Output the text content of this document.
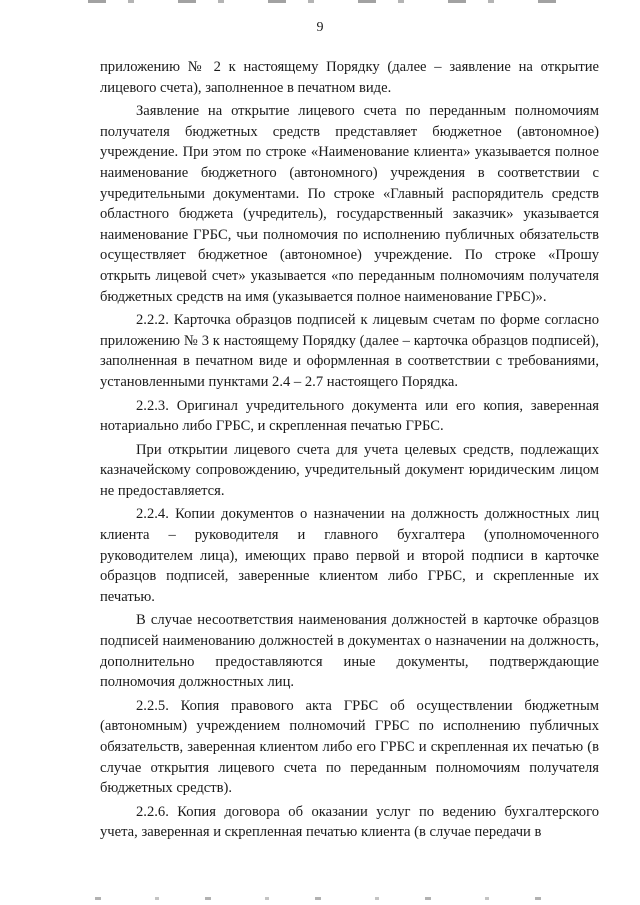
9

приложению № 2 к настоящему Порядку (далее – заявление на открытие лицевого счета), заполненное в печатном виде.

Заявление на открытие лицевого счета по переданным полномочиям получателя бюджетных средств представляет бюджетное (автономное) учреждение. При этом по строке «Наименование клиента» указывается полное наименование бюджетного (автономного) учреждения в соответствии с учредительными документами. По строке «Главный распорядитель средств областного бюджета (учредитель), государственный заказчик» указывается наименование ГРБС, чьи полномочия по исполнению публичных обязательств осуществляет бюджетное (автономное) учреждение. По строке «Прошу открыть лицевой счет» указывается «по переданным полномочиям получателя бюджетных средств на имя (указывается полное наименование ГРБС)».

2.2.2. Карточка образцов подписей к лицевым счетам по форме согласно приложению № 3 к настоящему Порядку (далее – карточка образцов подписей), заполненная в печатном виде и оформленная в соответствии с требованиями, установленными пунктами 2.4 – 2.7 настоящего Порядка.

2.2.3. Оригинал учредительного документа или его копия, заверенная нотариально либо ГРБС, и скрепленная печатью ГРБС.

При открытии лицевого счета для учета целевых средств, подлежащих казначейскому сопровождению, учредительный документ юридическим лицом не предоставляется.

2.2.4. Копии документов о назначении на должность должностных лиц клиента – руководителя и главного бухгалтера (уполномоченного руководителем лица), имеющих право первой и второй подписи в карточке образцов подписей, заверенные клиентом либо ГРБС, и скрепленные их печатью.

В случае несоответствия наименования должностей в карточке образцов подписей наименованию должностей в документах о назначении на должность, дополнительно предоставляются иные документы, подтверждающие полномочия должностных лиц.

2.2.5. Копия правового акта ГРБС об осуществлении бюджетным (автономным) учреждением полномочий ГРБС по исполнению публичных обязательств, заверенная клиентом либо его ГРБС и скрепленная их печатью (в случае открытия лицевого счета по переданным полномочиям получателя бюджетных средств).

2.2.6. Копия договора об оказании услуг по ведению бухгалтерского учета, заверенная и скрепленная печатью клиента (в случае передачи в
